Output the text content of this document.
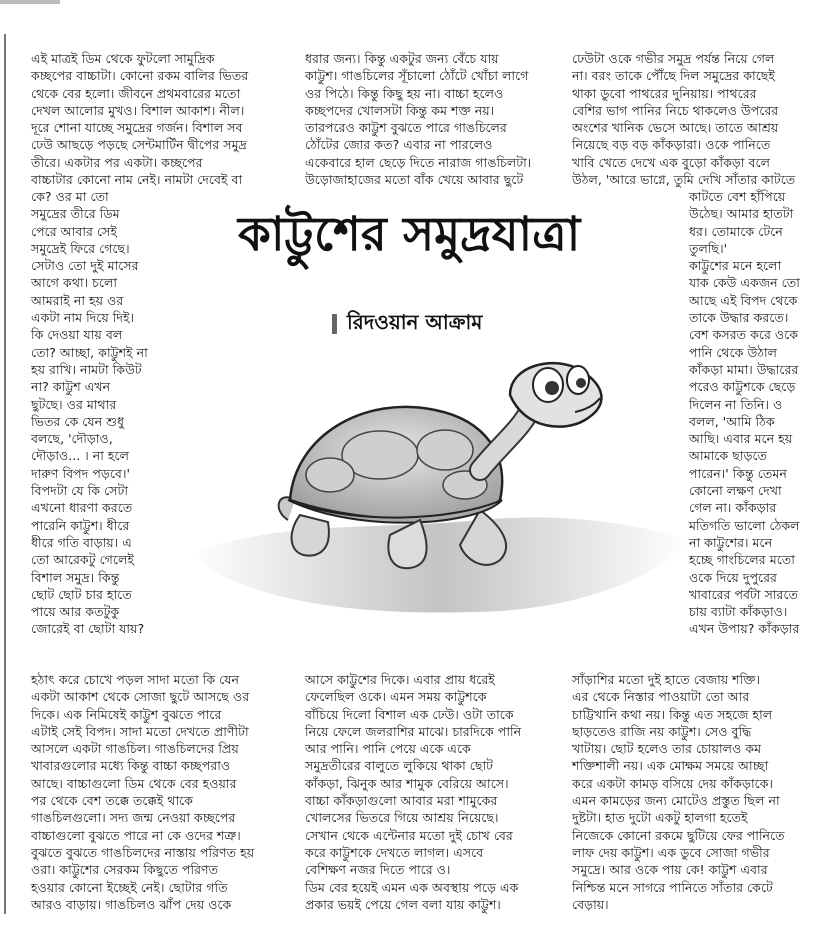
এই মাত্রই ডিম থেকে ফুটলো সামুদ্রিক
কচ্ছপের বাচ্চাটা। কোনো রকম বালির ভিতর
থেকে বের হলো। জীবনে প্রথমবারের মতো
দেখল আলোর মুখও। বিশাল আকাশ। নীল।
দূরে শোনা যাচ্ছে সমুদ্রের গর্জন। বিশাল সব
ঢেউ আছড়ে পড়ছে সেন্টমার্টিন দ্বীপের সমুদ্র
তীরে। একটার পর একটা। কচ্ছপের
বাচ্চাটার কোনো নাম নেই। নামটা দেবেই বা
কে? ওর মা তো
সমুদ্রের তীরে ডিম
পেরে আবার সেই
সমুদ্রেই ফিরে গেছে।
সেটাও তো দুই মাসের
আগে কথা। চলো
আমরাই না হয় ওর
একটা নাম দিয়ে দিই।
কি দেওয়া যায় বল
তো? আচ্ছা, কাট্টুশই না
হয় রাখি। নামটা কিউট
না? কাট্টুশ এখন
ছুটছে। ওর মাথার
ভিতর কে যেন শুধু
বলছে, 'দৌড়াও,
দৌড়াও... । না হলে
দারুণ বিপদ পড়বে।'
বিপদটা যে কি সেটা
এখনো ধারণা করতে
পারেনি কাট্টুশ। ধীরে
ধীরে গতি বাড়ায়। এ
তো আরেকটু গেলেই
বিশাল সমুদ্র। কিন্তু
ছোট ছোট চার হাতে
পায়ে আর কতটুকু
জোরেই বা ছোটা যায়?
হঠাৎ করে চোখে পড়ল সাদা মতো কি যেন
একটা আকাশ থেকে সোজা ছুটে আসছে ওর
দিকে। এক নিমিষেই কাট্টুশ বুঝতে পারে
এটাই সেই বিপদ। সাদা মতো দেখতে প্রাণীটা
আসলে একটা গাঙচিল। গাঙচিলদের প্রিয়
খাবারগুলোর মধ্যে কিন্তু বাচ্চা কচ্ছপরাও
আছে। বাচ্চাগুলো ডিম থেকে বের হওয়ার
পর থেকে বেশ তক্কে তক্কেই থাকে
গাঙচিলগুলো। সদ্য জন্ম নেওয়া কচ্ছপের
বাচ্চাগুলো বুঝতে পারে না কে ওদের শত্রু।
বুঝতে বুঝতে গাঙচিলদের নাস্তায় পরিণত হয়
ওরা। কাট্টুশের সেরকম কিছুতে পরিণত
হওয়ার কোনো ইচ্ছেই নেই। ছোটার গতি
আরও বাড়ায়। গাঙচিলও ঝাঁপ দেয় ওকে
ধরার জন্য। কিন্তু একটুর জন্য বেঁচে যায়
কাট্টুশ। গাঙচিলের সূঁচালো ঠোঁটে খোঁচা লাগে
ওর পিঠে। কিন্তু কিছু হয় না। বাচ্চা হলেও
কচ্ছপদের খোলসটা কিন্তু কম শক্ত নয়।
তারপরেও কাট্টুশ বুঝতে পারে গাঙচিলের
ঠোঁটের জোর কত? এবার না পারলেও
একেবারে হাল ছেড়ে দিতে নারাজ গাঙচিলটা।
উড়োজাহাজের মতো বাঁক খেয়ে আবার ছুটে
আসে কাট্টুশের দিকে। এবার প্রায় ধরেই
ফেলেছিল ওকে। এমন সময় কাট্টুশকে
বাঁচিয়ে দিলো বিশাল এক ঢেউ। ওটা তাকে
নিয়ে ফেলে জলরাশির মাঝে। চারদিকে পানি
আর পানি। পানি পেয়ে একে একে
সমুদ্রতীরের বালুতে লুকিয়ে থাকা ছোট
কাঁকড়া, ঝিনুক আর শামুক বেরিয়ে আসে।
বাচ্চা কাঁকড়াগুলো আবার মরা শামুকের
খোলসের ভিতরে গিয়ে আশ্রয় নিয়েছে।
সেখান থেকে এন্টেনার মতো দুই চোখ বের
করে কাট্টুশকে দেখতে লাগল। এসবে
বেশিক্ষণ নজর দিতে পারে ও।
ডিম বের হয়েই এমন এক অবস্থায় পড়ে এক
প্রকার ভয়ই পেয়ে গেল বলা যায় কাট্টুশ।
ঢেউটা ওকে গভীর সমুদ্র পর্যন্ত নিয়ে গেল
না। বরং তাকে পৌঁছে দিল সমুদ্রের কাছেই
থাকা ডুবো পাথরের দুনিয়ায়। পাথরের
বেশির ভাগ পানির নিচে থাকলেও উপরের
অংশের খানিক ভেসে আছে। তাতে আশ্রয়
নিয়েছে বড় বড় কাঁকড়ারা। ওকে পানিতে
খাবি খেতে দেখে এক বুড়ো কাঁকড়া বলে
উঠল, 'আরে ভাগ্নে, তুমি দেখি সাঁতার কাটতে
কাটতে বেশ হাঁপিয়ে
উঠেছ। আমার হাতটা
ধর। তোমাকে টেনে
তুলছি।'
কাট্টুশের মনে হলো
যাক কেউ একজন তো
আছে এই বিপদ থেকে
তাকে উদ্ধার করতে।
বেশ কসরত করে ওকে
পানি থেকে উঠাল
কাঁকড়া মামা। উদ্ধারের
পরেও কাট্টুশকে ছেড়ে
দিলেন না তিনি। ও
বলল, 'আমি ঠিক
আছি। এবার মনে হয়
আমাকে ছাড়তে
পারেন।' কিন্তু তেমন
কোনো লক্ষণ দেখা
গেল না। কাঁকড়ার
মতিগতি ভালো ঠেকল
না কাট্টুশের। মনে
হচ্ছে গাংচিলের মতো
ওকে দিয়ে দুপুরের
খাবারের পর্বটা সারতে
চায় ব্যাটা কাঁকড়াও।
এখন উপায়? কাঁকড়ার
সাঁড়াশির মতো দুই হাতে বেজায় শক্তি।
এর থেকে নিস্তার পাওয়াটা তো আর
চাট্টিখানি কথা নয়। কিন্তু এত সহজে হাল
ছাড়তেও রাজি নয় কাট্টুশ। সেও বুদ্ধি
খাটায়। ছোট হলেও তার চোয়ালও কম
শক্তিশালী নয়। এক মোক্ষম সময়ে আচ্ছা
করে একটা কামড় বসিয়ে দেয় কাঁকড়াকে।
এমন কামড়ের জন্য মোটেও প্রস্তুত ছিল না
দুষ্টটা। হাত দুটো একটু হালগা হতেই
নিজেকে কোনো রকমে ছুটিয়ে ফের পানিতে
লাফ দেয় কাট্টুশ। এক ডুবে সোজা গভীর
সমুদ্রে। আর ওকে পায় কে! কাট্টুশ এবার
নিশ্চিন্ত মনে সাগরে পানিতে সাঁতার কেটে
বেড়ায়।
কাট্টুশের সমুদ্রযাত্রা
রিদওয়ান আক্রাম
